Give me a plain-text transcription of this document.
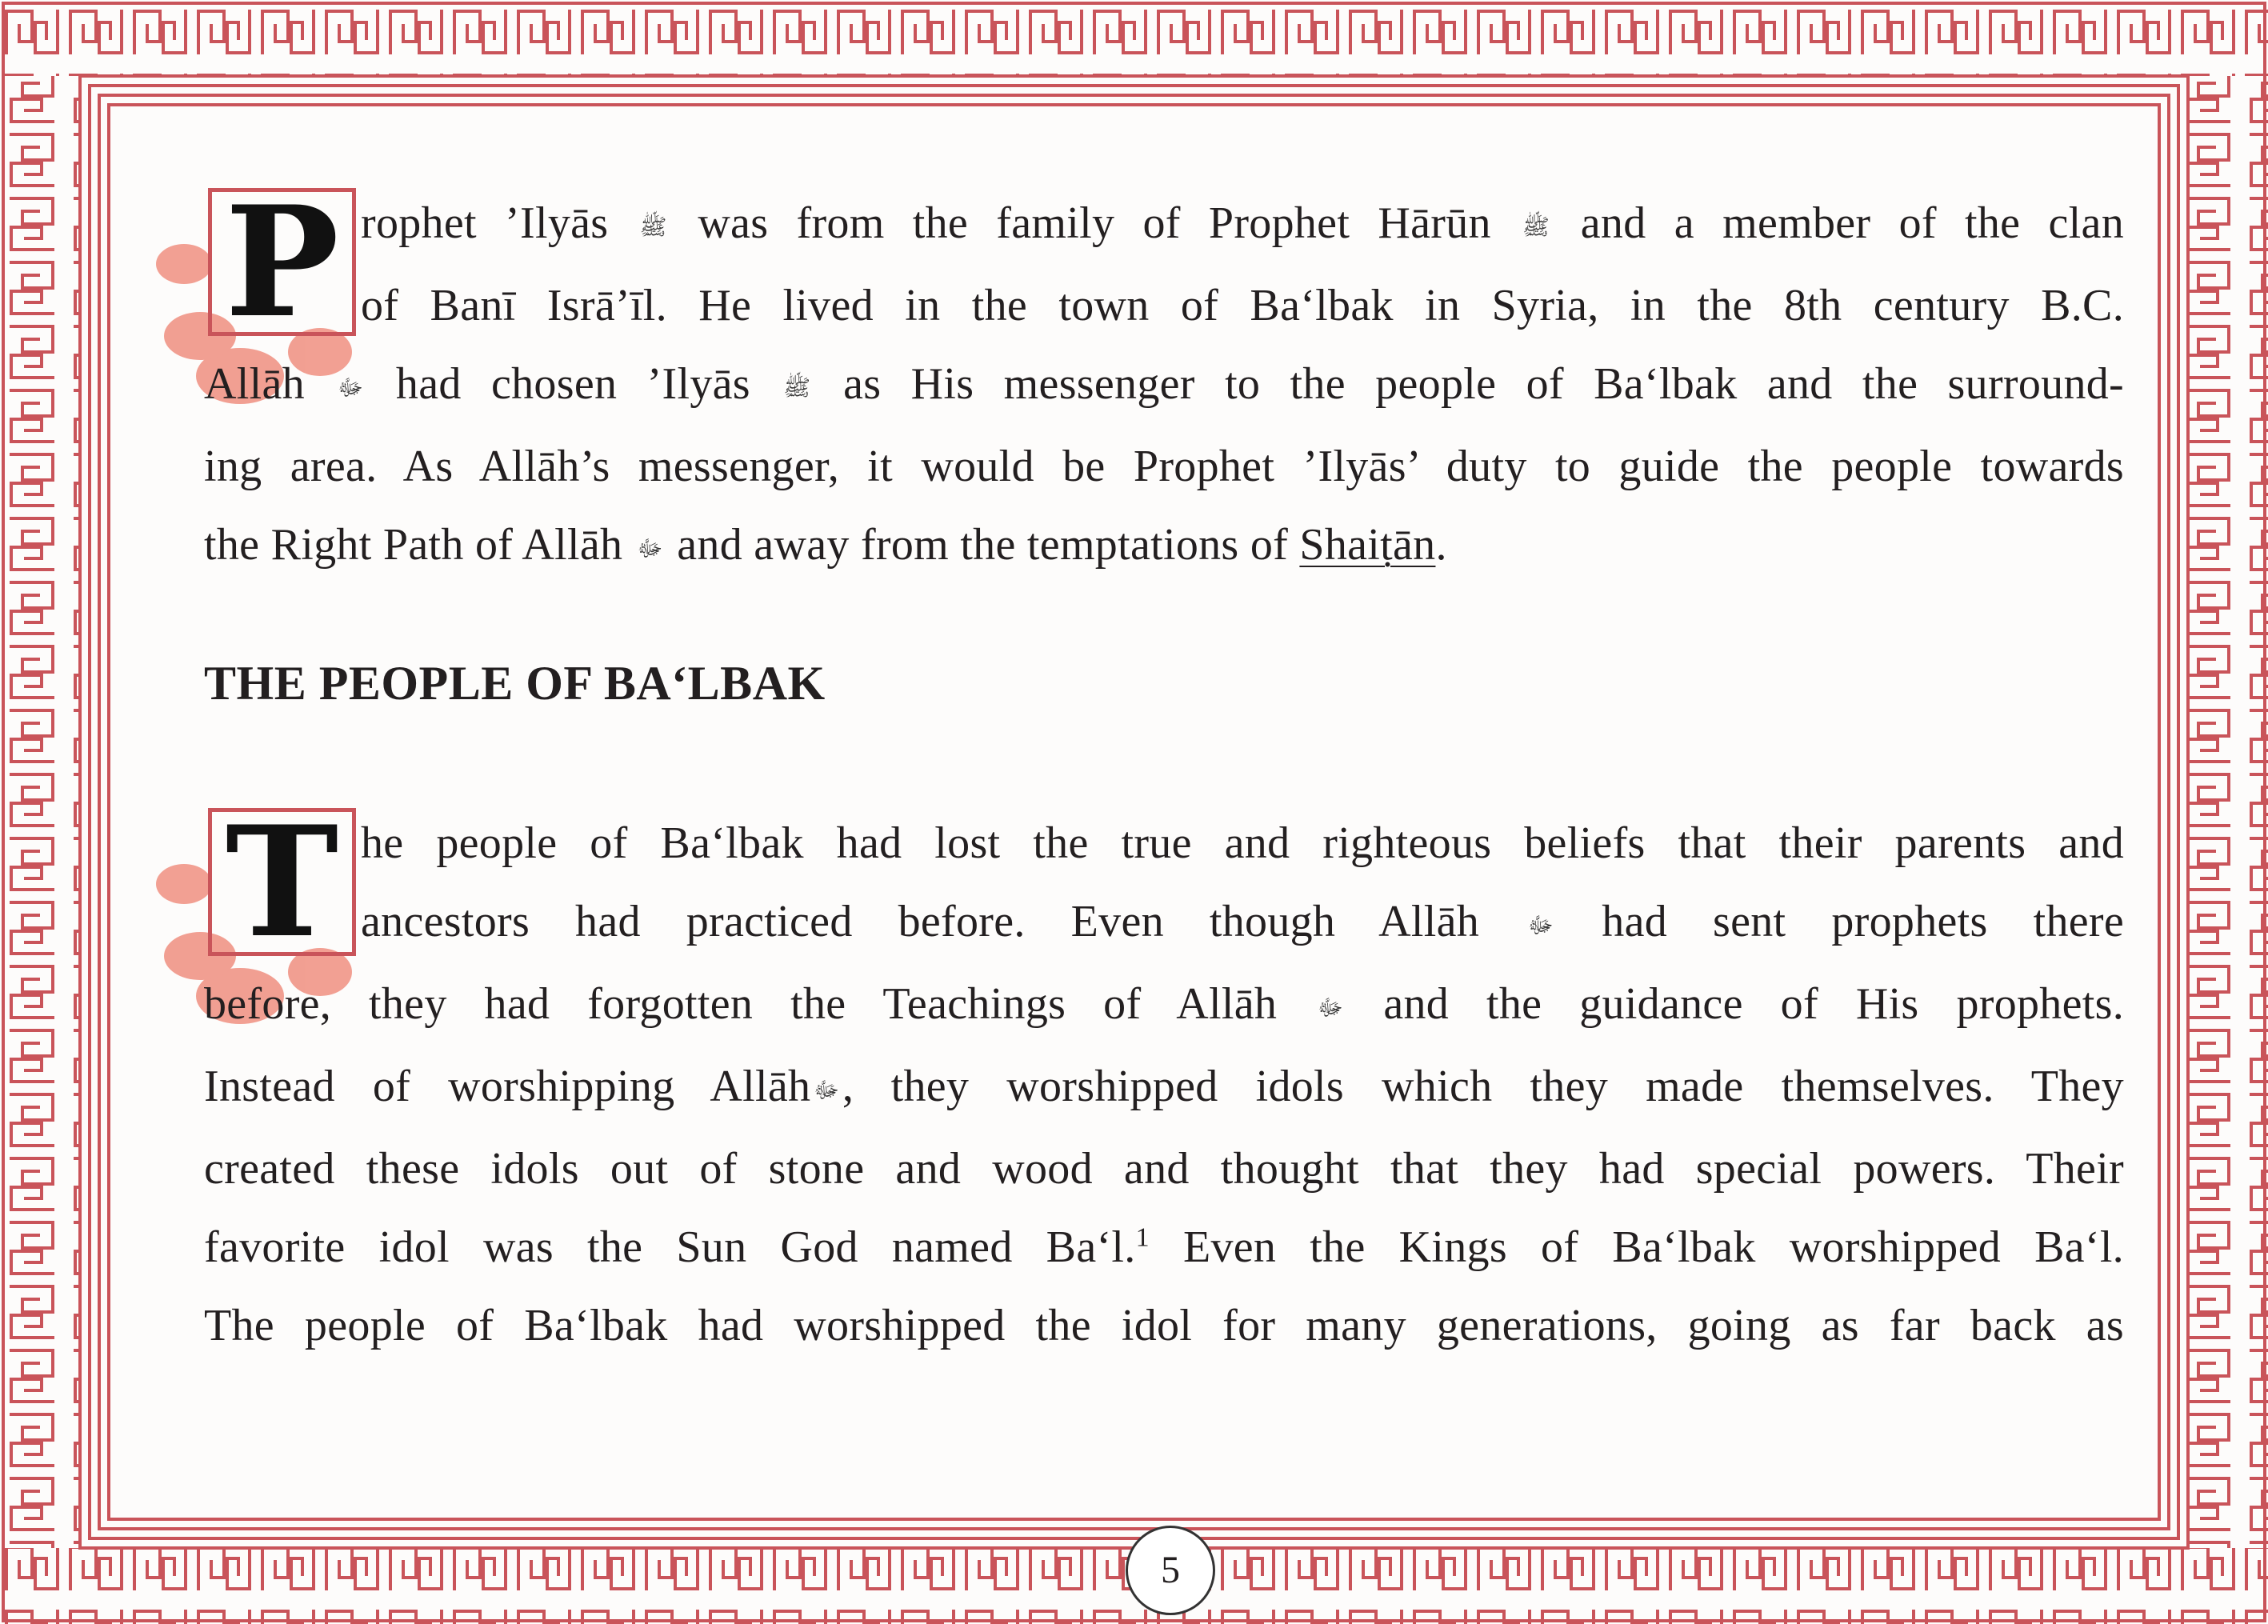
P rophet ’Ilyās ﷺ was from the family of Prophet Hārūn ﷺ and a member of the clan
of Banī Isrā’īl. He lived in the town of Ba‘lbak in Syria, in the 8th century B.C.
Allāh ﷻ had chosen ’Ilyās ﷺ as His messenger to the people of Ba‘lbak and the surround-
ing area. As Allāh’s messenger, it would be Prophet ’Ilyās’ duty to guide the people towards
the Right Path of Allāh ﷻ and away from the temptations of Shaiṭān.
THE PEOPLE OF BA‘LBAK
T he people of Ba‘lbak had lost the true and righteous beliefs that their parents and
ancestors had practiced before. Even though Allāh ﷻ had sent prophets there
before, they had forgotten the Teachings of Allāh ﷻ and the guidance of His prophets.
Instead of worshipping Allāh ﷻ, they worshipped idols which they made themselves. They
created these idols out of stone and wood and thought that they had special powers. Their
favorite idol was the Sun God named Ba‘l.$^1$ Even the Kings of Ba‘lbak worshipped Ba‘l.
The people of Ba‘lbak had worshipped the idol for many generations, going as far back as
5
